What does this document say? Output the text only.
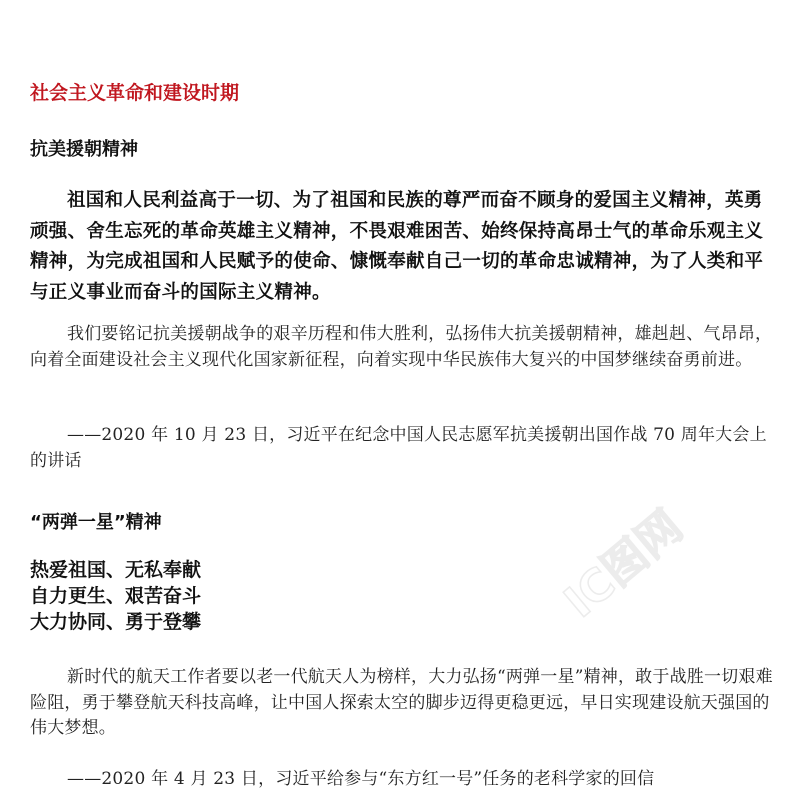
社会主义革命和建设时期
抗美援朝精神

祖国和人民利益高于一切、为了祖国和民族的尊严而奋不顾身的爱国主义精神，英勇顽强、舍生忘死的革命英雄主义精神，不畏艰难困苦、始终保持高昂士气的革命乐观主义精神，为完成祖国和人民赋予的使命、慷慨奉献自己一切的革命忠诚精神，为了人类和平与正义事业而奋斗的国际主义精神。

我们要铭记抗美援朝战争的艰辛历程和伟大胜利，弘扬伟大抗美援朝精神，雄赳赳、气昂昂，向着全面建设社会主义现代化国家新征程，向着实现中华民族伟大复兴的中国梦继续奋勇前进。

——2020 年 10 月 23 日，习近平在纪念中国人民志愿军抗美援朝出国作战 70 周年大会上的讲话

“两弹一星”精神
热爱祖国、无私奉献
自力更生、艰苦奋斗
大力协同、勇于登攀

新时代的航天工作者要以老一代航天人为榜样，大力弘扬“两弹一星”精神，敢于战胜一切艰难险阻，勇于攀登航天科技高峰，让中国人探索太空的脚步迈得更稳更远，早日实现建设航天强国的伟大梦想。

——2020 年 4 月 23 日，习近平给参与“东方红一号”任务的老科学家的回信

IC图网
